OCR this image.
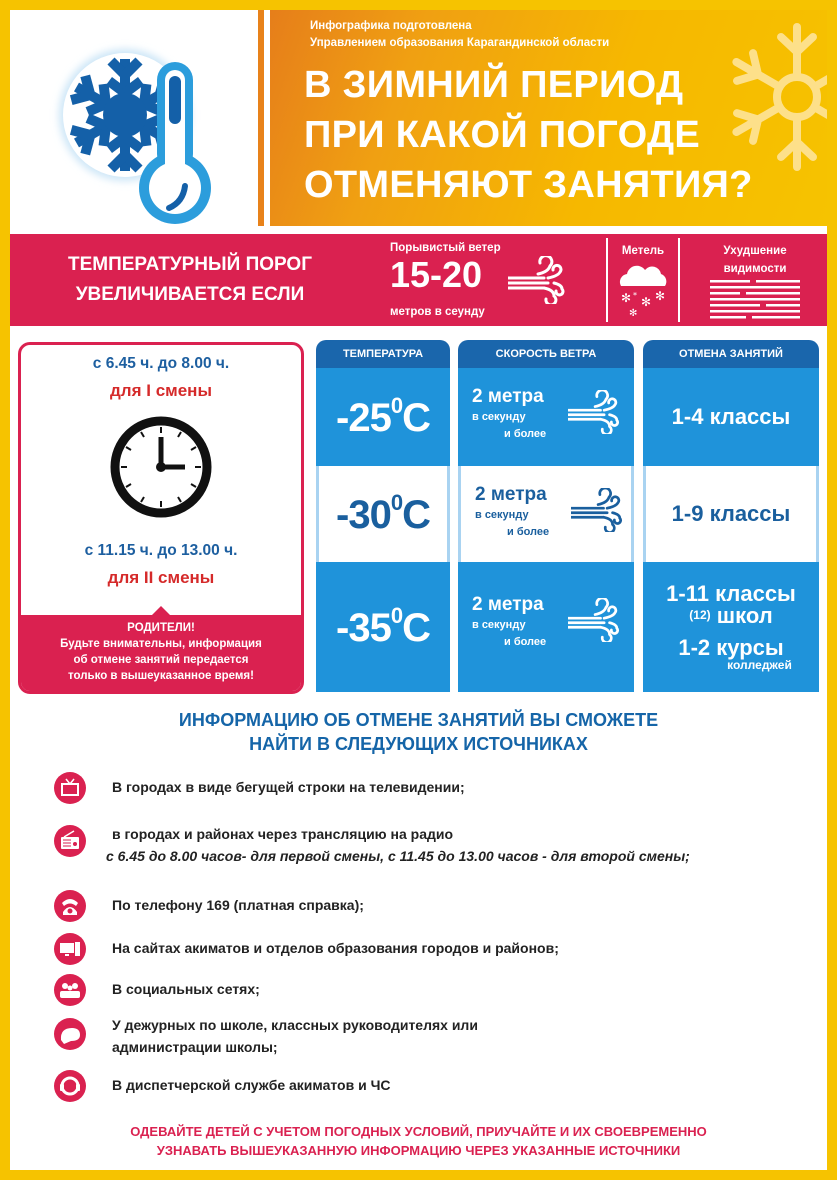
Инфографика подготовлена
Управлением образования Карагандинской области
В ЗИМНИЙ ПЕРИОД
ПРИ КАКОЙ ПОГОДЕ
ОТМЕНЯЮТ ЗАНЯТИЯ?
ТЕМПЕРАТУРНЫЙ ПОРОГ
УВЕЛИЧИВАЕТСЯ ЕСЛИ
Порывистый ветер
15-20
метров в сеунду
Метель
✻ * ✻ ✻
✻
Ухудшение
видимости
с 6.45 ч. до 8.00 ч.
для I смены
с 11.15 ч. до 13.00 ч.
для II смены
РОДИТЕЛИ!
Будьте внимательны, информация
об отмене занятий передается
только в вышеуказанное время!
ТЕМПЕРАТУРА
$-25^0С$
$-30^0С$
$-35^0С$
СКОРОСТЬ ВЕТРА
2 метра
в секунду
и более
2 метра
в секунду
и более
2 метра
в секунду
и более
ОТМЕНА ЗАНЯТИЙ
1-4 классы
1-9 классы
1-11 классы
(12) школ
1-2 курсы
колледжей
ИНФОРМАЦИЮ ОБ ОТМЕНЕ ЗАНЯТИЙ ВЫ СМОЖЕТЕ
НАЙТИ В СЛЕДУЮЩИХ ИСТОЧНИКАХ
В городах в виде бегущей строки на телевидении;
в городах и районах через трансляцию на радио
с 6.45 до 8.00 часов- для первой смены, с 11.45 до 13.00 часов - для второй смены;
По телефону 169 (платная справка);
На сайтах акиматов и отделов образования городов и районов;
В социальных сетях;
У дежурных по школе, классных руководителях или
администрации школы;
В диспетчерской службе акиматов и ЧС
ОДЕВАЙТЕ ДЕТЕЙ С УЧЕТОМ ПОГОДНЫХ УСЛОВИЙ, ПРИУЧАЙТЕ И ИХ СВОЕВРЕМЕННО
УЗНАВАТЬ ВЫШЕУКАЗАННУЮ ИНФОРМАЦИЮ ЧЕРЕЗ УКАЗАННЫЕ ИСТОЧНИКИ
